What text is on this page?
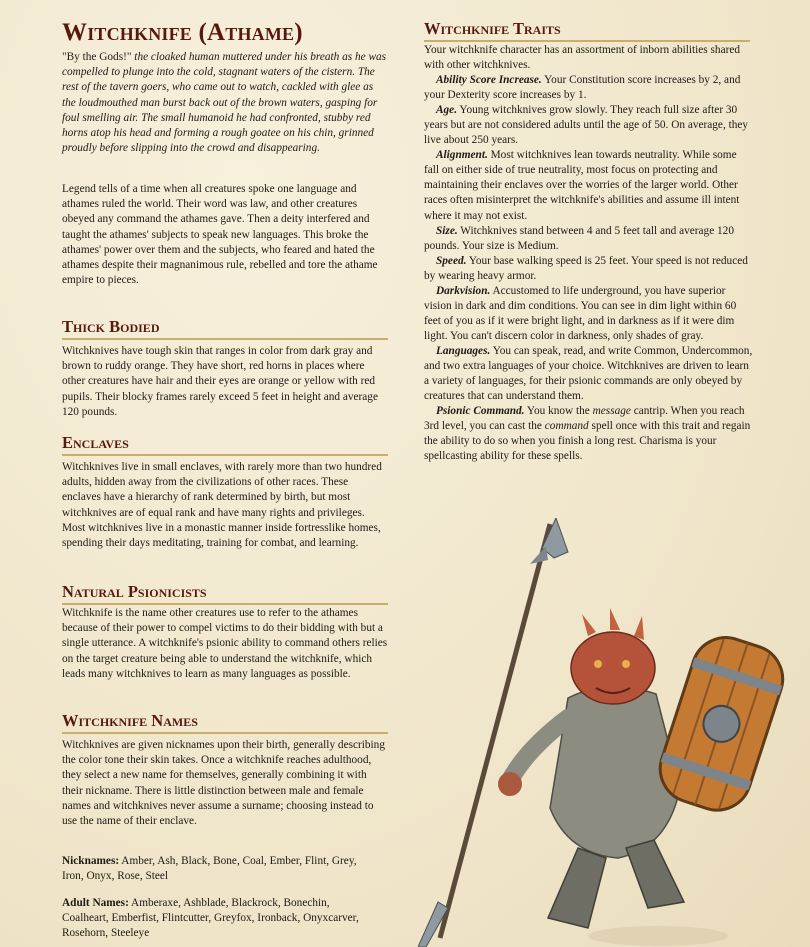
Witchknife (Athame)

"By the Gods!" the cloaked human muttered under his breath as he was compelled to plunge into the cold, stagnant waters of the cistern. The rest of the tavern goers, who came out to watch, cackled with glee as the loudmouthed man burst back out of the brown waters, gasping for foul smelling air. The small humanoid he had confronted, stubby red horns atop his head and forming a rough goatee on his chin, grinned proudly before slipping into the crowd and disappearing.

Legend tells of a time when all creatures spoke one language and athames ruled the world. Their word was law, and other creatures obeyed any command the athames gave. Then a deity interfered and taught the athames' subjects to speak new languages. This broke the athames' power over them and the subjects, who feared and hated the athames despite their magnanimous rule, rebelled and tore the athame empire to pieces.

Thick Bodied

Witchknives have tough skin that ranges in color from dark gray and brown to ruddy orange. They have short, red horns in places where other creatures have hair and their eyes are orange or yellow with red pupils. Their blocky frames rarely exceed 5 feet in height and average 120 pounds.

Enclaves

Witchknives live in small enclaves, with rarely more than two hundred adults, hidden away from the civilizations of other races. These enclaves have a hierarchy of rank determined by birth, but most witchknives are of equal rank and have many rights and privileges. Most witchknives live in a monastic manner inside fortresslike homes, spending their days meditating, training for combat, and learning.

Natural Psionicists

Witchknife is the name other creatures use to refer to the athames because of their power to compel victims to do their bidding with but a single utterance. A witchknife's psionic ability to command others relies on the target creature being able to understand the witchknife, which leads many witchknives to learn as many languages as possible.

Witchknife Names

Witchknives are given nicknames upon their birth, generally describing the color tone their skin takes. Once a witchknife reaches adulthood, they select a new name for themselves, generally combining it with their nickname. There is little distinction between male and female names and witchknives never assume a surname; choosing instead to use the name of their enclave.

Nicknames: Amber, Ash, Black, Bone, Coal, Ember, Flint, Grey, Iron, Onyx, Rose, Steel

Adult Names: Amberaxe, Ashblade, Blackrock, Bonechin, Coalheart, Emberfist, Flintcutter, Greyfox, Ironback, Onyxcarver, Rosehorn, Steeleye

Witchknife Traits

Your witchknife character has an assortment of inborn abilities shared with other witchknives.

Ability Score Increase. Your Constitution score increases by 2, and your Dexterity score increases by 1.

Age. Young witchknives grow slowly. They reach full size after 30 years but are not considered adults until the age of 50. On average, they live about 250 years.

Alignment. Most witchknives lean towards neutrality. While some fall on either side of true neutrality, most focus on protecting and maintaining their enclaves over the worries of the larger world. Other races often misinterpret the witchknife's abilities and assume ill intent where it may not exist.

Size. Witchknives stand between 4 and 5 feet tall and average 120 pounds. Your size is Medium.

Speed. Your base walking speed is 25 feet. Your speed is not reduced by wearing heavy armor.

Darkvision. Accustomed to life underground, you have superior vision in dark and dim conditions. You can see in dim light within 60 feet of you as if it were bright light, and in darkness as if it were dim light. You can't discern color in darkness, only shades of gray.

Languages. You can speak, read, and write Common, Undercommon, and two extra languages of your choice. Witchknives are driven to learn a variety of languages, for their psionic commands are only obeyed by creatures that can understand them.

Psionic Command. You know the message cantrip. When you reach 3rd level, you can cast the command spell once with this trait and regain the ability to do so when you finish a long rest. Charisma is your spellcasting ability for these spells.
